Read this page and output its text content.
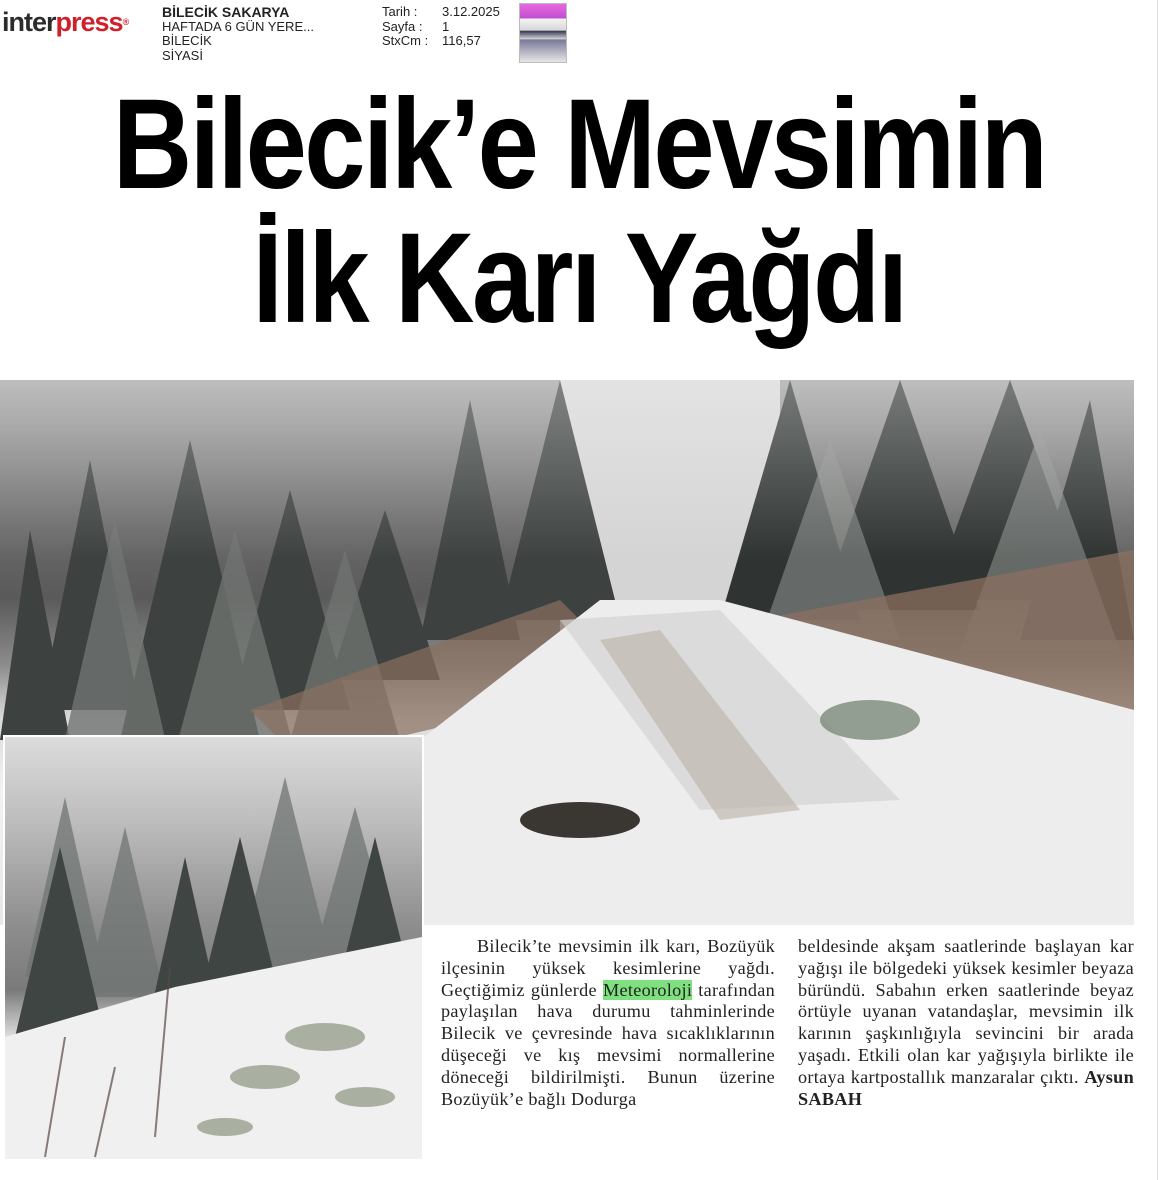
interpress®
BİLECİK SAKARYA
HAFTADA 6 GÜN YERE...
BİLECİK
SİYASİ
Tarih :	3.12.2025
Sayfa :	1
StxCm :	116,57
Bilecik’e Mevsimin
İlk Karı Yağdı
Bilecik’te mevsimin ilk karı, Bozüyük ilçesinin yüksek kesimlerine yağdı. Geçtiğimiz günlerde Meteoroloji tarafından paylaşılan hava durumu tahminlerinde Bilecik ve çevresinde hava sıcaklıklarının düşeceği ve kış mevsimi normallerine döneceği bildirilmişti. Bunun üzerine Bozüyük’e bağlı Dodurga
beldesinde akşam saatlerinde başlayan kar yağışı ile bölgedeki yüksek kesimler beyaza büründü. Sabahın erken saatlerinde beyaz örtüyle uyanan vatandaşlar, mevsimin ilk karının şaşkınlığıyla sevincini bir arada yaşadı. Etkili olan kar yağışıyla birlikte ile ortaya kartpostallık manzaralar çıktı. Aysun SABAH
